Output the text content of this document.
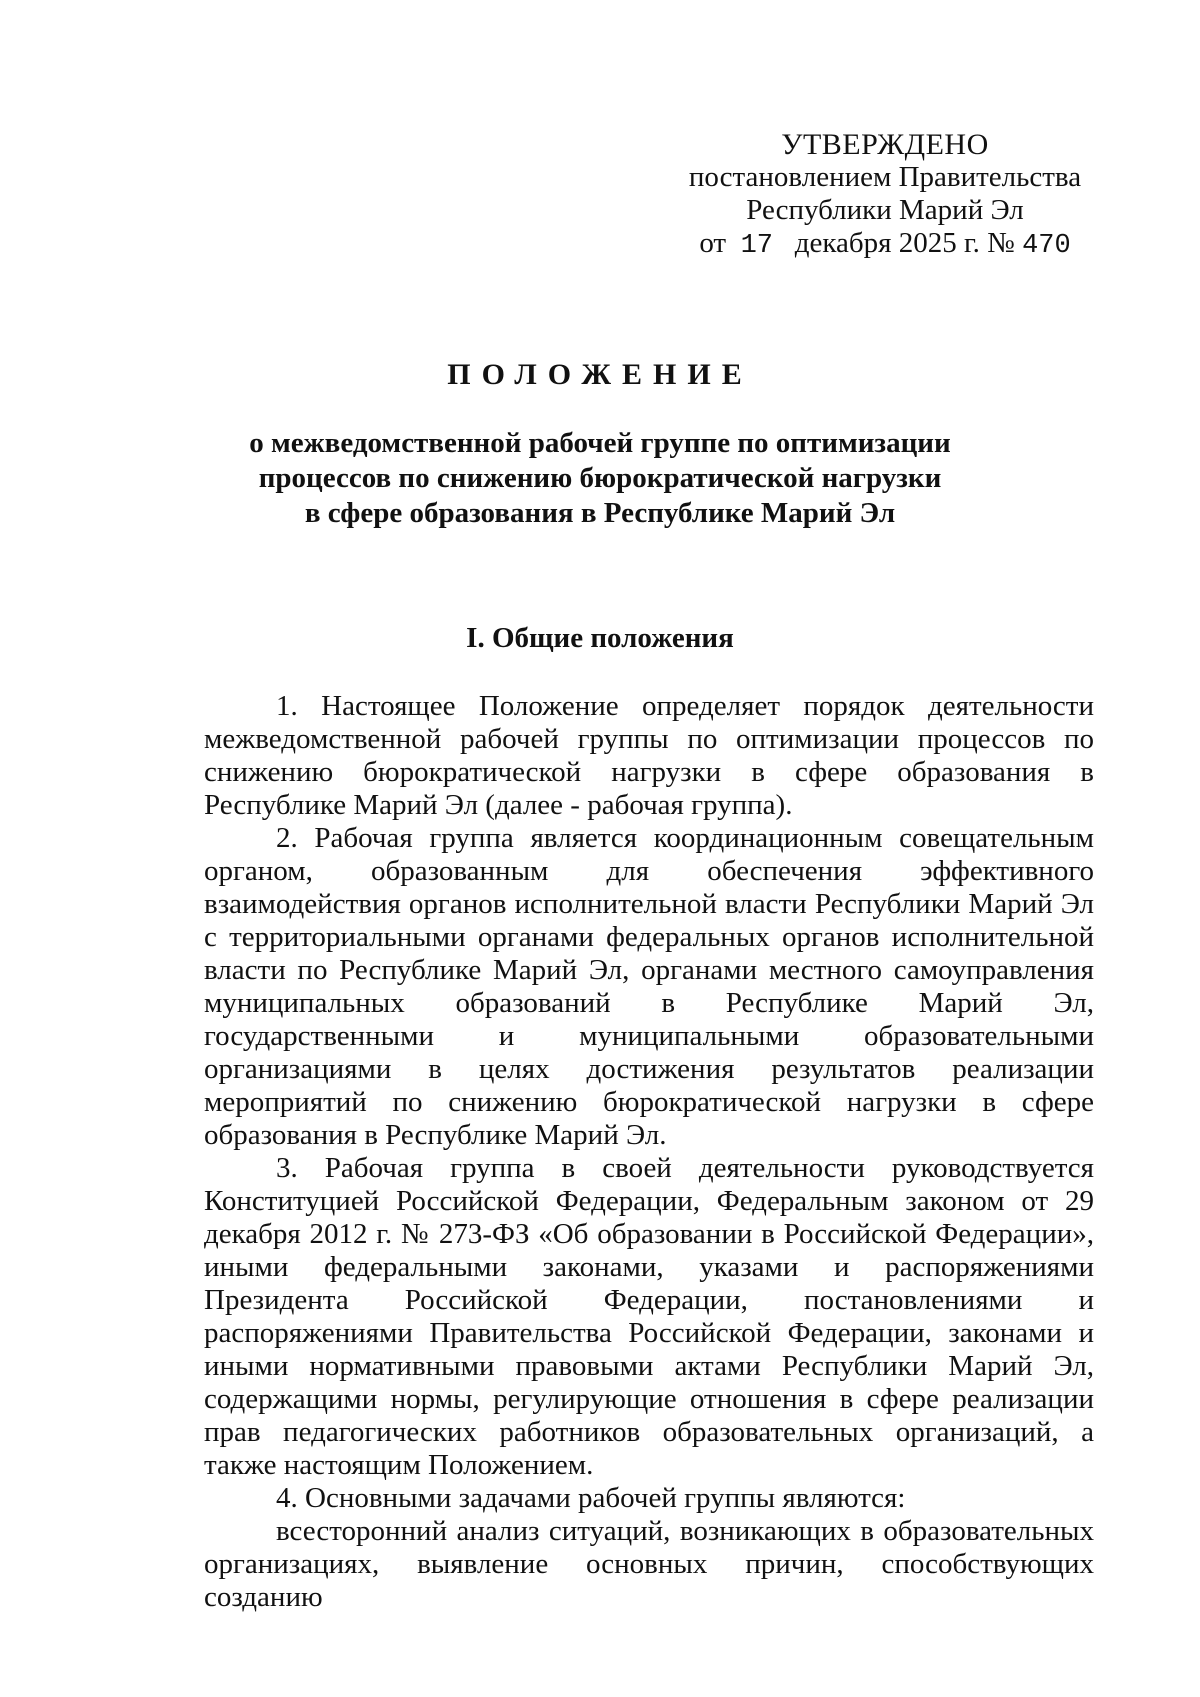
УТВЕРЖДЕНО
постановлением Правительства
Республики Марий Эл
от 17 декабря 2025 г. № 470
ПОЛОЖЕНИЕ
о межведомственной рабочей группе по оптимизации
процессов по снижению бюрократической нагрузки
в сфере образования в Республике Марий Эл
I. Общие положения

1. Настоящее Положение определяет порядок деятельности межведомственной рабочей группы по оптимизации процессов по снижению бюрократической нагрузки в сфере образования в Республике Марий Эл (далее - рабочая группа).

2. Рабочая группа является координационным совещательным органом, образованным для обеспечения эффективного взаимодействия органов исполнительной власти Республики Марий Эл с территориальными органами федеральных органов исполнительной власти по Республике Марий Эл, органами местного самоуправления муниципальных образований в Республике Марий Эл, государственными и муниципальными образовательными организациями в целях достижения результатов реализации мероприятий по снижению бюрократической нагрузки в сфере образования в Республике Марий Эл.

3. Рабочая группа в своей деятельности руководствуется Конституцией Российской Федерации, Федеральным законом от 29 декабря 2012 г. № 273-ФЗ «Об образовании в Российской Федерации», иными федеральными законами, указами и распоряжениями Президента Российской Федерации, постановлениями и распоряжениями Правительства Российской Федерации, законами и иными нормативными правовыми актами Республики Марий Эл, содержащими нормы, регулирующие отношения в сфере реализации прав педагогических работников образовательных организаций, а также настоящим Положением.

4. Основными задачами рабочей группы являются:

всесторонний анализ ситуаций, возникающих в образовательных организациях, выявление основных причин, способствующих созданию
